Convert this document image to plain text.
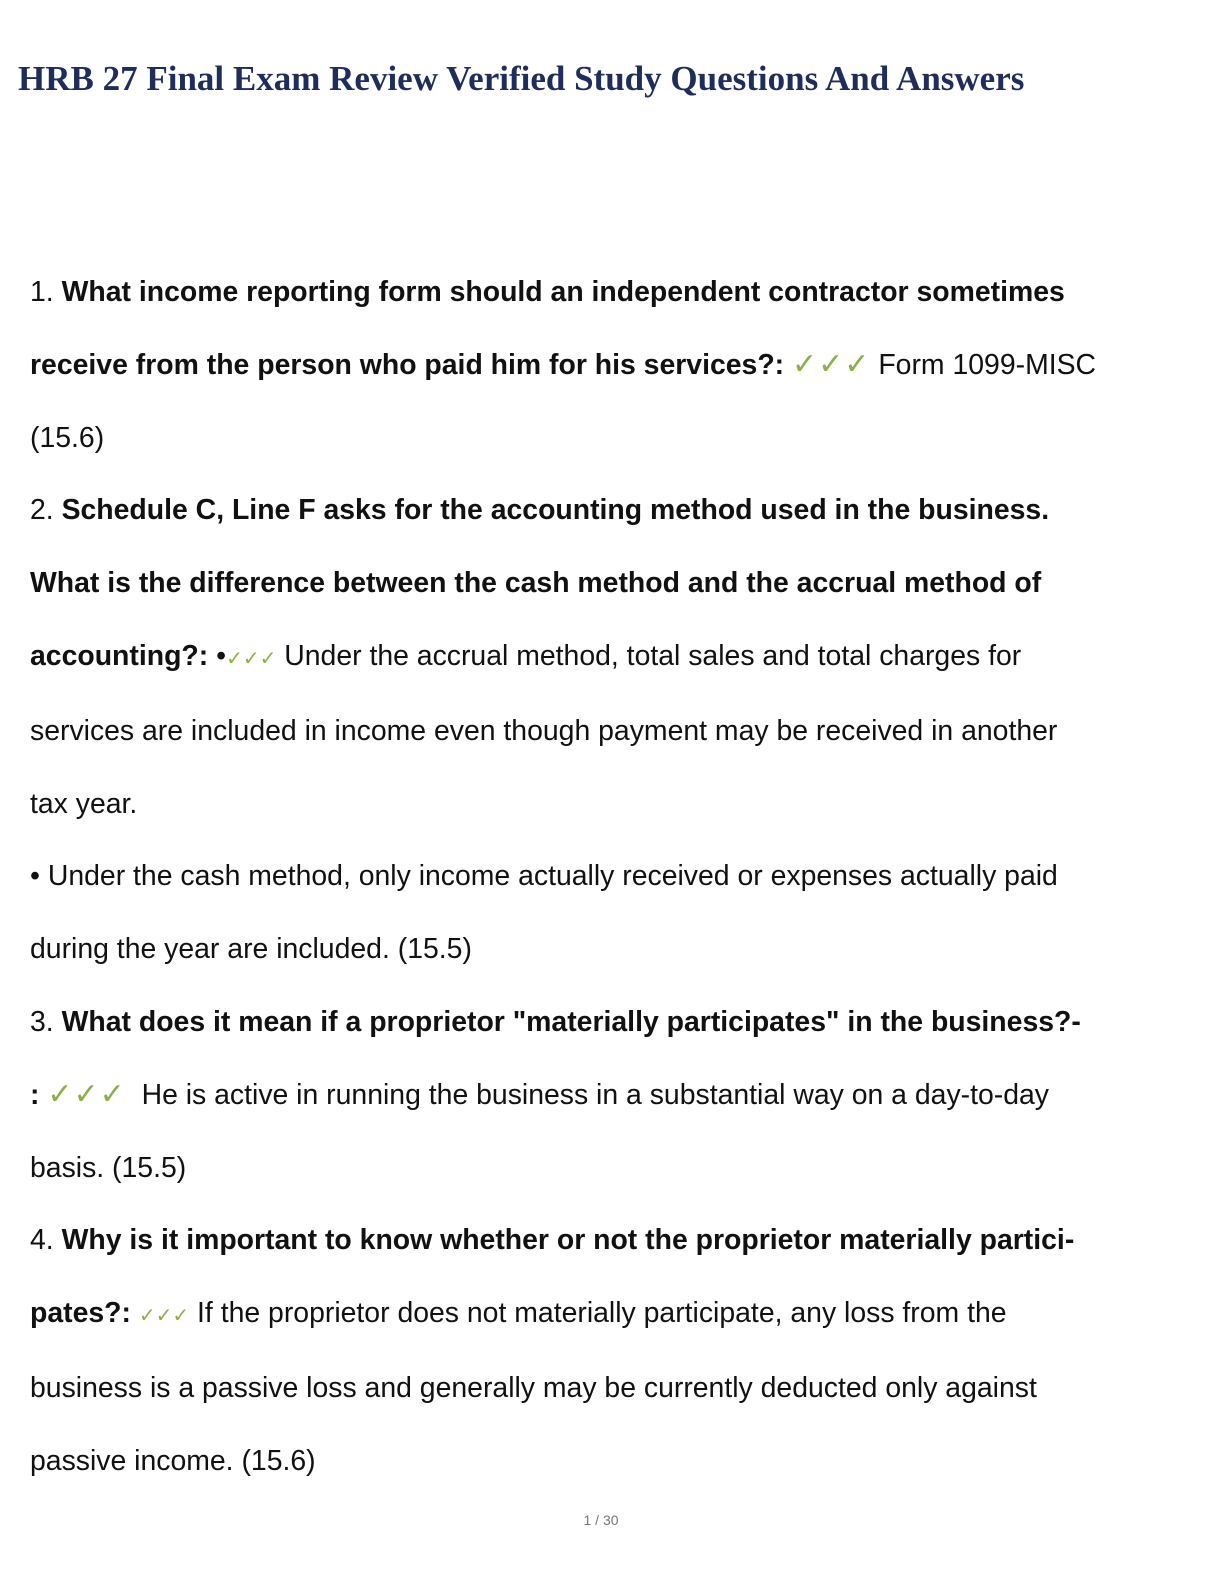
HRB 27 Final Exam Review Verified Study Questions And Answers
1. What income reporting form should an independent contractor sometimes
receive from the person who paid him for his services?: ✓✓✓ Form 1099-MISC
(15.6)
2. Schedule C, Line F asks for the accounting method used in the business.
What is the difference between the cash method and the accrual method of
accounting?: •✓✓✓ Under the accrual method, total sales and total charges for
services are included in income even though payment may be received in another
tax year.
• Under the cash method, only income actually received or expenses actually paid
during the year are included. (15.5)
3. What does it mean if a proprietor "materially participates" in the business?-
: ✓✓✓ He is active in running the business in a substantial way on a day-to-day
basis. (15.5)
4. Why is it important to know whether or not the proprietor materially partici-
pates?: ✓✓✓ If the proprietor does not materially participate, any loss from the
business is a passive loss and generally may be currently deducted only against
passive income. (15.6)
1 / 30
